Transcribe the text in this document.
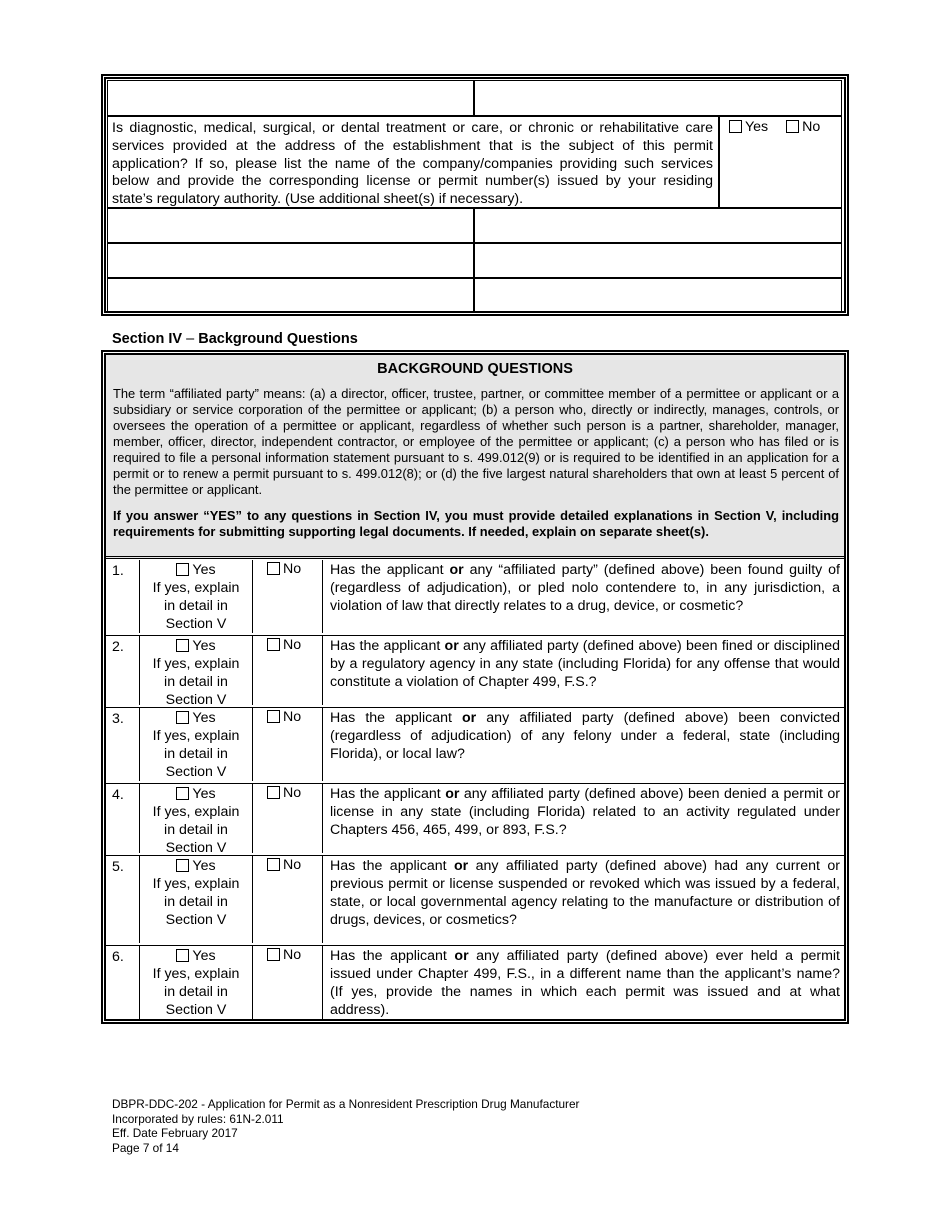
Is diagnostic, medical, surgical, or dental treatment or care, or chronic or rehabilitative care services provided at the address of the establishment that is the subject of this permit application? If so, please list the name of the company/companies providing such services below and provide the corresponding license or permit number(s) issued by your residing state’s regulatory authority. (Use additional sheet(s) if necessary).
Yes No
Section IV – Background Questions
BACKGROUND QUESTIONS
The term “affiliated party” means: (a) a director, officer, trustee, partner, or committee member of a permittee or applicant or a subsidiary or service corporation of the permittee or applicant; (b) a person who, directly or indirectly, manages, controls, or oversees the operation of a permittee or applicant, regardless of whether such person is a partner, shareholder, manager, member, officer, director, independent contractor, or employee of the permittee or applicant; (c) a person who has filed or is required to file a personal information statement pursuant to s. 499.012(9) or is required to be identified in an application for a permit or to renew a permit pursuant to s. 499.012(8); or (d) the five largest natural shareholders that own at least 5 percent of the permittee or applicant.
If you answer “YES” to any questions in Section IV, you must provide detailed explanations in Section V, including requirements for submitting supporting legal documents. If needed, explain on separate sheet(s).
1.	Yes
If yes, explain
in detail in
Section V
No	Has the applicant or any “affiliated party” (defined above) been found guilty of (regardless of adjudication), or pled nolo contendere to, in any jurisdiction, a violation of law that directly relates to a drug, device, or cosmetic?
2.	Yes
If yes, explain
in detail in
Section V
No	Has the applicant or any affiliated party (defined above) been fined or disciplined by a regulatory agency in any state (including Florida) for any offense that would constitute a violation of Chapter 499, F.S.?
3.	Yes
If yes, explain
in detail in
Section V
No	Has the applicant or any affiliated party (defined above) been convicted (regardless of adjudication) of any felony under a federal, state (including Florida), or local law?
4.	Yes
If yes, explain
in detail in
Section V
No	Has the applicant or any affiliated party (defined above) been denied a permit or license in any state (including Florida) related to an activity regulated under Chapters 456, 465, 499, or 893, F.S.?
5.	Yes
If yes, explain
in detail in
Section V
No	Has the applicant or any affiliated party (defined above) had any current or previous permit or license suspended or revoked which was issued by a federal, state, or local governmental agency relating to the manufacture or distribution of drugs, devices, or cosmetics?
6.	Yes
If yes, explain
in detail in
Section V
No	Has the applicant or any affiliated party (defined above) ever held a permit issued under Chapter 499, F.S., in a different name than the applicant’s name? (If yes, provide the names in which each permit was issued and at what address).
DBPR-DDC-202 - Application for Permit as a Nonresident Prescription Drug Manufacturer
Incorporated by rules: 61N-2.011
Eff. Date February 2017
Page 7 of 14
